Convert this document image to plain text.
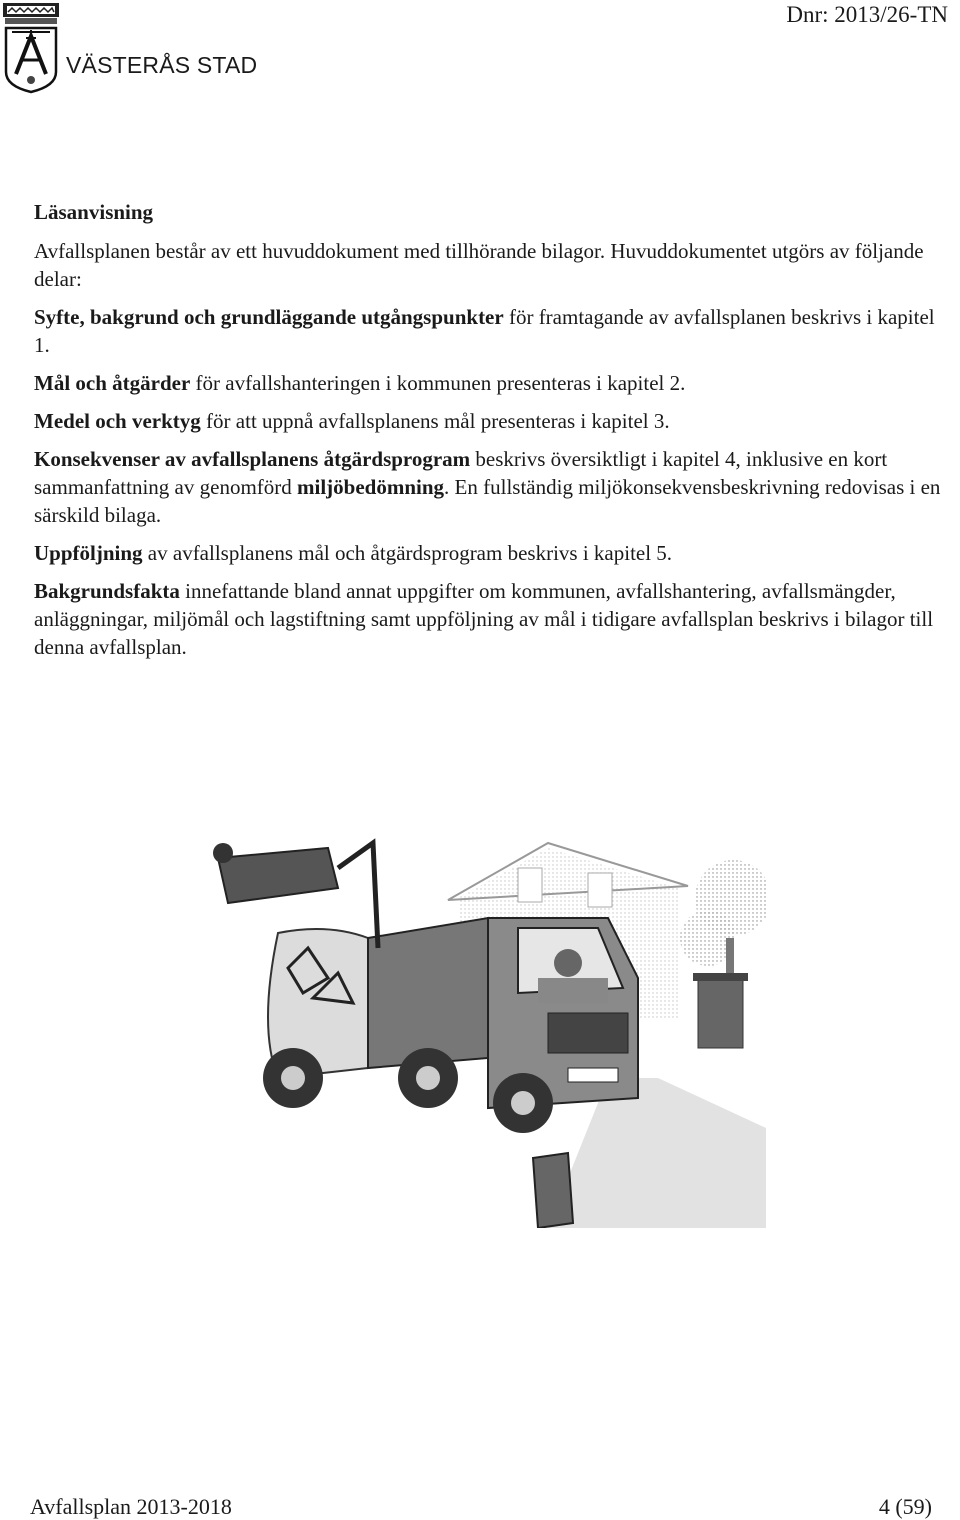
VÄSTERÅS STAD
Dnr: 2013/26-TN
Läsanvisning

Avfallsplanen består av ett huvuddokument med tillhörande bilagor. Huvuddokumentet utgörs av följande delar:

Syfte, bakgrund och grundläggande utgångspunkter för framtagande av avfallsplanen beskrivs i kapitel 1.

Mål och åtgärder för avfallshanteringen i kommunen presenteras i kapitel 2.

Medel och verktyg för att uppnå avfallsplanens mål presenteras i kapitel 3.

Konsekvenser av avfallsplanens åtgärdsprogram beskrivs översiktligt i kapitel 4, inklusive en kort sammanfattning av genomförd miljöbedömning. En fullständig miljökonsekvensbeskrivning redovisas i en särskild bilaga.

Uppföljning av avfallsplanens mål och åtgärdsprogram beskrivs i kapitel 5.

Bakgrundsfakta innefattande bland annat uppgifter om kommunen, avfallshantering, avfallsmängder, anläggningar, miljömål och lagstiftning samt uppföljning av mål i tidigare avfallsplan beskrivs i bilagor till denna avfallsplan.

Avfallsplan 2013-2018	4 (59)
